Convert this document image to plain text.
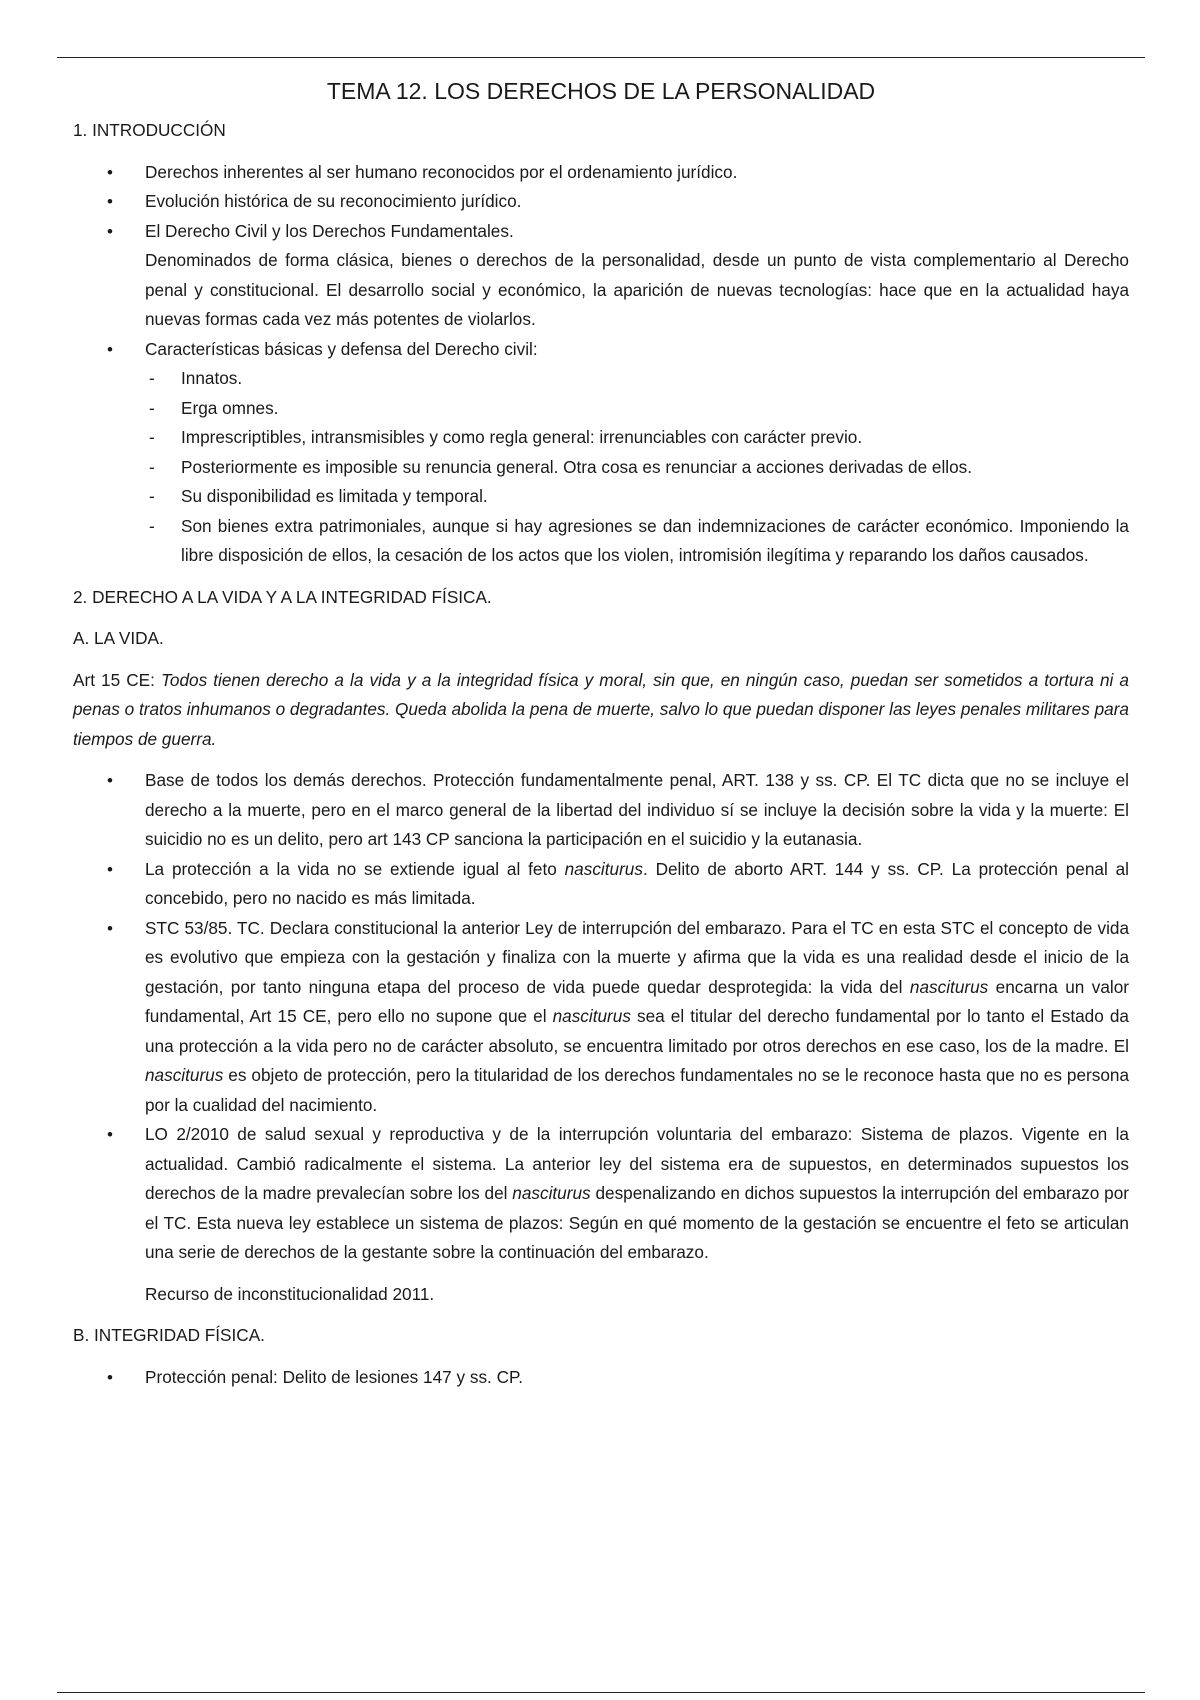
TEMA 12. LOS DERECHOS DE LA PERSONALIDAD
1. INTRODUCCIÓN
• Derechos inherentes al ser humano reconocidos por el ordenamiento jurídico.
• Evolución histórica de su reconocimiento jurídico.
• El Derecho Civil y los Derechos Fundamentales.
Denominados de forma clásica, bienes o derechos de la personalidad, desde un punto de vista complementario al Derecho penal y constitucional. El desarrollo social y económico, la aparición de nuevas tecnologías: hace que en la actualidad haya nuevas formas cada vez más potentes de violarlos.
• Características básicas y defensa del Derecho civil:
- Innatos.
- Erga omnes.
- Imprescriptibles, intransmisibles y como regla general: irrenunciables con carácter previo.
- Posteriormente es imposible su renuncia general. Otra cosa es renunciar a acciones derivadas de ellos.
- Su disponibilidad es limitada y temporal.
- Son bienes extra patrimoniales, aunque si hay agresiones se dan indemnizaciones de carácter económico. Imponiendo la libre disposición de ellos, la cesación de los actos que los violen, intromisión ilegítima y reparando los daños causados.
2. DERECHO A LA VIDA Y A LA INTEGRIDAD FÍSICA.
A. LA VIDA.
Art 15 CE: Todos tienen derecho a la vida y a la integridad física y moral, sin que, en ningún caso, puedan ser sometidos a tortura ni a penas o tratos inhumanos o degradantes. Queda abolida la pena de muerte, salvo lo que puedan disponer las leyes penales militares para tiempos de guerra.
• Base de todos los demás derechos. Protección fundamentalmente penal, ART. 138 y ss. CP. El TC dicta que no se incluye el derecho a la muerte, pero en el marco general de la libertad del individuo sí se incluye la decisión sobre la vida y la muerte: El suicidio no es un delito, pero art 143 CP sanciona la participación en el suicidio y la eutanasia.
• La protección a la vida no se extiende igual al feto nasciturus. Delito de aborto ART. 144 y ss. CP. La protección penal al concebido, pero no nacido es más limitada.
• STC 53/85. TC. Declara constitucional la anterior Ley de interrupción del embarazo. Para el TC en esta STC el concepto de vida es evolutivo que empieza con la gestación y finaliza con la muerte y afirma que la vida es una realidad desde el inicio de la gestación, por tanto ninguna etapa del proceso de vida puede quedar desprotegida: la vida del nasciturus encarna un valor fundamental, Art 15 CE, pero ello no supone que el nasciturus sea el titular del derecho fundamental por lo tanto el Estado da una protección a la vida pero no de carácter absoluto, se encuentra limitado por otros derechos en ese caso, los de la madre. El nasciturus es objeto de protección, pero la titularidad de los derechos fundamentales no se le reconoce hasta que no es persona por la cualidad del nacimiento.
• LO 2/2010 de salud sexual y reproductiva y de la interrupción voluntaria del embarazo: Sistema de plazos. Vigente en la actualidad. Cambió radicalmente el sistema. La anterior ley del sistema era de supuestos, en determinados supuestos los derechos de la madre prevalecían sobre los del nasciturus despenalizando en dichos supuestos la interrupción del embarazo por el TC. Esta nueva ley establece un sistema de plazos: Según en qué momento de la gestación se encuentre el feto se articulan una serie de derechos de la gestante sobre la continuación del embarazo.
Recurso de inconstitucionalidad 2011.
B. INTEGRIDAD FÍSICA.
• Protección penal: Delito de lesiones 147 y ss. CP.
